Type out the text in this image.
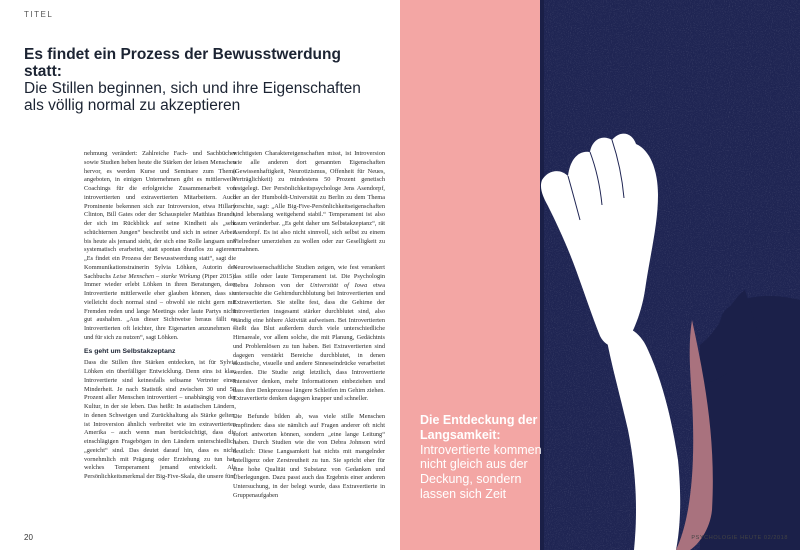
TITEL
Es findet ein Prozess der Bewusstwerdung statt:
Die Stillen beginnen, sich und ihre Eigenschaften als völlig normal zu akzeptieren

nehmung verändert: Zahlreiche Fach- und Sachbücher sowie Studien heben heute die Stärken der leisen Menschen hervor, es werden Kurse und Seminare zum Thema angeboten, in einigen Unternehmen gibt es mittlerweile Coachings für die erfolgreiche Zusammenarbeit von introvertierten und extravertierten Mitarbeitern. Auch Prominente bekennen sich zur Introversion, etwa Hillary Clinton, Bill Gates oder der Schauspieler Matthias Brandt, der sich im Rückblick auf seine Kindheit als „sehr schüchternen Jungen“ beschreibt und sich in seiner Arbeit bis heute als jemand sieht, der sich eine Rolle langsam und systematisch erarbeitet, statt spontan drauflos zu agieren. „Es findet ein Prozess der Bewusstwerdung statt“, sagt die Kommunikationstrainerin Sylvia Löhken, Autorin des Sachbuchs Leise Menschen – starke Wirkung (Piper 2015). Immer wieder erlebt Löhken in ihren Beratungen, dass Introvertierte mittlerweile eher glauben können, dass sie vielleicht doch normal sind – obwohl sie nicht gern mit Fremden reden und lange Meetings oder laute Partys nicht gut aushalten. „Aus dieser Sichtweise heraus fällt es Introvertierten oft leichter, ihre Eigenarten anzunehmen – und für sich zu nutzen“, sagt Löhken.

Es geht um Selbstakzeptanz

Dass die Stillen ihre Stärken entdecken, ist für Sylvia Löhken ein überfälliger Entwicklung. Denn eins ist klar: Introvertierte sind keinesfalls seltsame Vertreter einer Minderheit. Je nach Statistik sind zwischen 30 und 50 Prozent aller Menschen introvertiert – unabhängig von der Kultur, in der sie leben. Das heißt: In asiatischen Ländern, in denen Schweigen und Zurückhaltung als Stärke gelten, ist Introversion ähnlich verbreitet wie im extravertierten Amerika – auch wenn man berücksichtigt, dass die einschlägigen Fragebögen in den Ländern unterschiedlich „geeicht“ sind. Das deutet darauf hin, dass es nicht vornehmlich mit Prägung oder Erziehung zu tun hat, welches Temperament jemand entwickelt. Als Persönlichkeitsmerkmal der Big-Five-Skala, die unsere fünf

wichtigsten Charaktereigenschaften misst, ist Introversion wie alle anderen dort genannten Eigenschaften (Gewissenhaftigkeit, Neurotizismus, Offenheit für Neues, Verträglichkeit) zu mindestens 50 Prozent genetisch festgelegt. Der Persönlichkeitspsychologe Jens Asendorpf, der an der Humboldt-Universität zu Berlin zu dem Thema forschte, sagt: „Alle Big-Five-Persönlichkeitseigenschaften sind lebenslang weitgehend stabil.“ Temperament ist also kaum veränderbar. „Es geht daher um Selbstakzeptanz“, rät Asendorpf. Es ist also nicht sinnvoll, sich selbst zu einem Vielredner umerziehen zu wollen oder zur Geselligkeit zu ermahnen.

Neurowissenschaftliche Studien zeigen, wie fest verankert das stille oder laute Temperament ist. Die Psychologin Debra Johnson von der Universität of Iowa etwa untersuchte die Gehirndurchblutung bei Introvertierten und Extravertierten. Sie stellte fest, dass die Gehirne der Introvertierten insgesamt stärker durchblutet sind, also ständig eine höhere Aktivität aufweisen. Bei Introvertierten fließt das Blut außerdem durch viele unterschiedliche Hirnareale, vor allem solche, die mit Planung, Gedächtnis und Problemlösen zu tun haben. Bei Extravertierten sind dagegen verstärkt Bereiche durchblutet, in denen akustische, visuelle und andere Sinneseindrücke verarbeitet werden. Die Studie zeigt letztlich, dass Introvertierte intensiver denken, mehr Informationen einbeziehen und dass ihre Denkprozesse längere Schleifen im Gehirn ziehen. Extravertierte denken dagegen knapper und schneller.

Die Befunde bilden ab, was viele stille Menschen empfinden: dass sie nämlich auf Fragen anderer oft nicht sofort antworten können, sondern „eine lange Leitung“ haben. Durch Studien wie die von Debra Johnson wird deutlich: Diese Langsamkeit hat nichts mit mangelnder Intelligenz oder Zerstreutheit zu tun. Sie spricht eher für eine hohe Qualität und Substanz von Gedanken und Überlegungen. Dazu passt auch das Ergebnis einer anderen Untersuchung, in der belegt wurde, dass Extravertierte in Gruppenaufgaben

20
Die Entdeckung der Langsamkeit:
Introvertierte kommen nicht gleich aus der Deckung, sondern lassen sich Zeit
PSYCHOLOGIE HEUTE 02/2018
